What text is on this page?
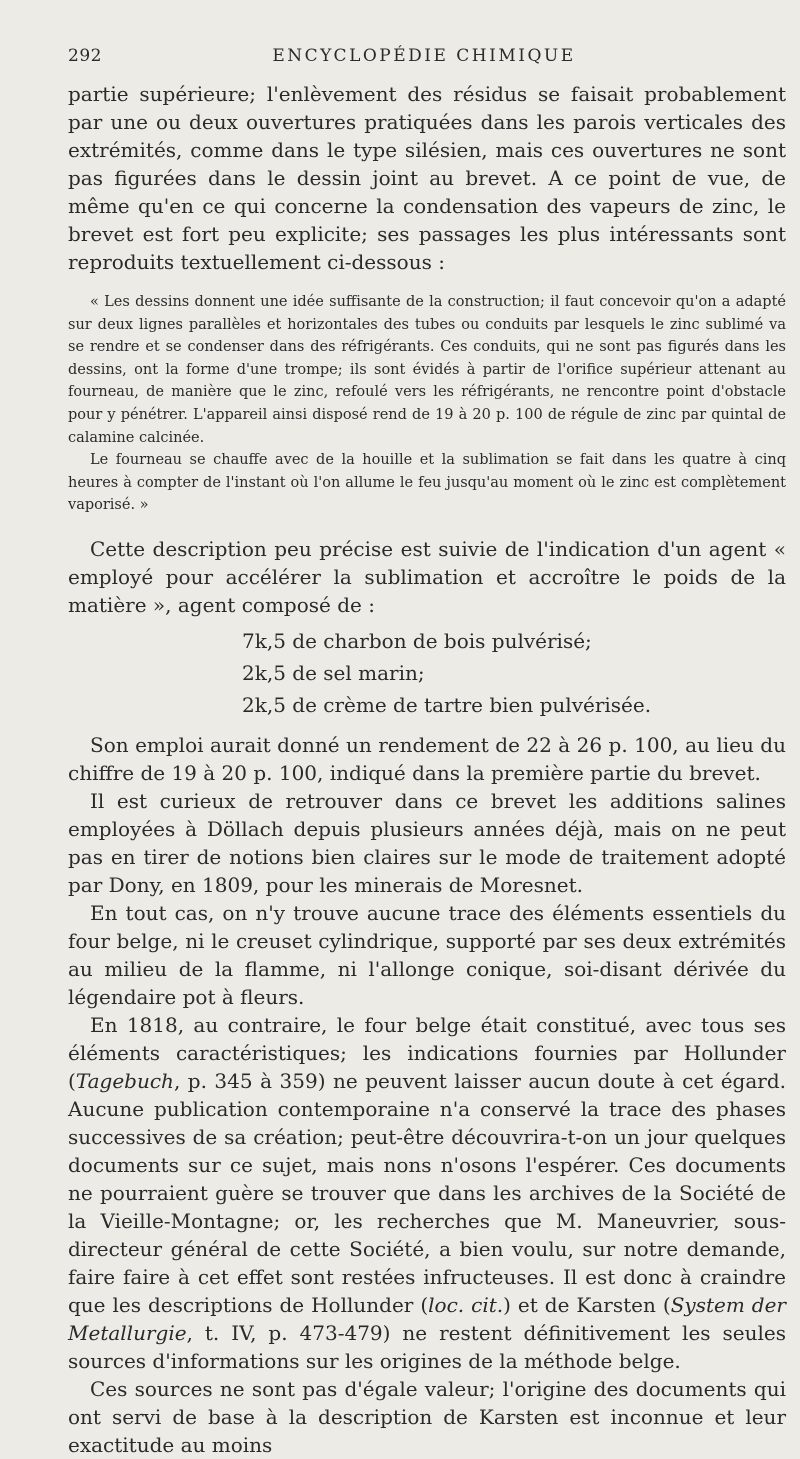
292	ENCYCLOPÉDIE CHIMIQUE

partie supérieure; l'enlèvement des résidus se faisait probablement par une ou deux ouvertures pratiquées dans les parois verticales des extrémités, comme dans le type silésien, mais ces ouvertures ne sont pas figurées dans le dessin joint au brevet. A ce point de vue, de même qu'en ce qui concerne la condensation des vapeurs de zinc, le brevet est fort peu explicite; ses passages les plus intéressants sont reproduits textuellement ci-dessous :

« Les dessins donnent une idée suffisante de la construction; il faut concevoir qu'on a adapté sur deux lignes parallèles et horizontales des tubes ou conduits par lesquels le zinc sublimé va se rendre et se condenser dans des réfrigérants. Ces conduits, qui ne sont pas figurés dans les dessins, ont la forme d'une trompe; ils sont évidés à partir de l'orifice supérieur attenant au fourneau, de manière que le zinc, refoulé vers les réfrigérants, ne rencontre point d'obstacle pour y pénétrer. L'appareil ainsi disposé rend de 19 à 20 p. 100 de régule de zinc par quintal de calamine calcinée.

Le fourneau se chauffe avec de la houille et la sublimation se fait dans les quatre à cinq heures à compter de l'instant où l'on allume le feu jusqu'au moment où le zinc est complètement vaporisé. »

Cette description peu précise est suivie de l'indication d'un agent « employé pour accélérer la sublimation et accroître le poids de la matière », agent composé de :

7k,5 de charbon de bois pulvérisé;
2k,5 de sel marin;
2k,5 de crème de tartre bien pulvérisée.

Son emploi aurait donné un rendement de 22 à 26 p. 100, au lieu du chiffre de 19 à 20 p. 100, indiqué dans la première partie du brevet.

Il est curieux de retrouver dans ce brevet les additions salines employées à Döllach depuis plusieurs années déjà, mais on ne peut pas en tirer de notions bien claires sur le mode de traitement adopté par Dony, en 1809, pour les minerais de Moresnet.

En tout cas, on n'y trouve aucune trace des éléments essentiels du four belge, ni le creuset cylindrique, supporté par ses deux extrémités au milieu de la flamme, ni l'allonge conique, soi-disant dérivée du légendaire pot à fleurs.

En 1818, au contraire, le four belge était constitué, avec tous ses éléments caractéristiques; les indications fournies par Hollunder (Tagebuch, p. 345 à 359) ne peuvent laisser aucun doute à cet égard. Aucune publication contemporaine n'a conservé la trace des phases successives de sa création; peut-être découvrira-t-on un jour quelques documents sur ce sujet, mais nons n'osons l'espérer. Ces documents ne pourraient guère se trouver que dans les archives de la Société de la Vieille-Montagne; or, les recherches que M. Maneuvrier, sous-directeur général de cette Société, a bien voulu, sur notre demande, faire faire à cet effet sont restées infructeuses. Il est donc à craindre que les descriptions de Hollunder (loc. cit.) et de Karsten (System der Metallurgie, t. IV, p. 473-479) ne restent définitivement les seules sources d'informations sur les origines de la méthode belge.

Ces sources ne sont pas d'égale valeur; l'origine des documents qui ont servi de base à la description de Karsten est inconnue et leur exactitude au moins
